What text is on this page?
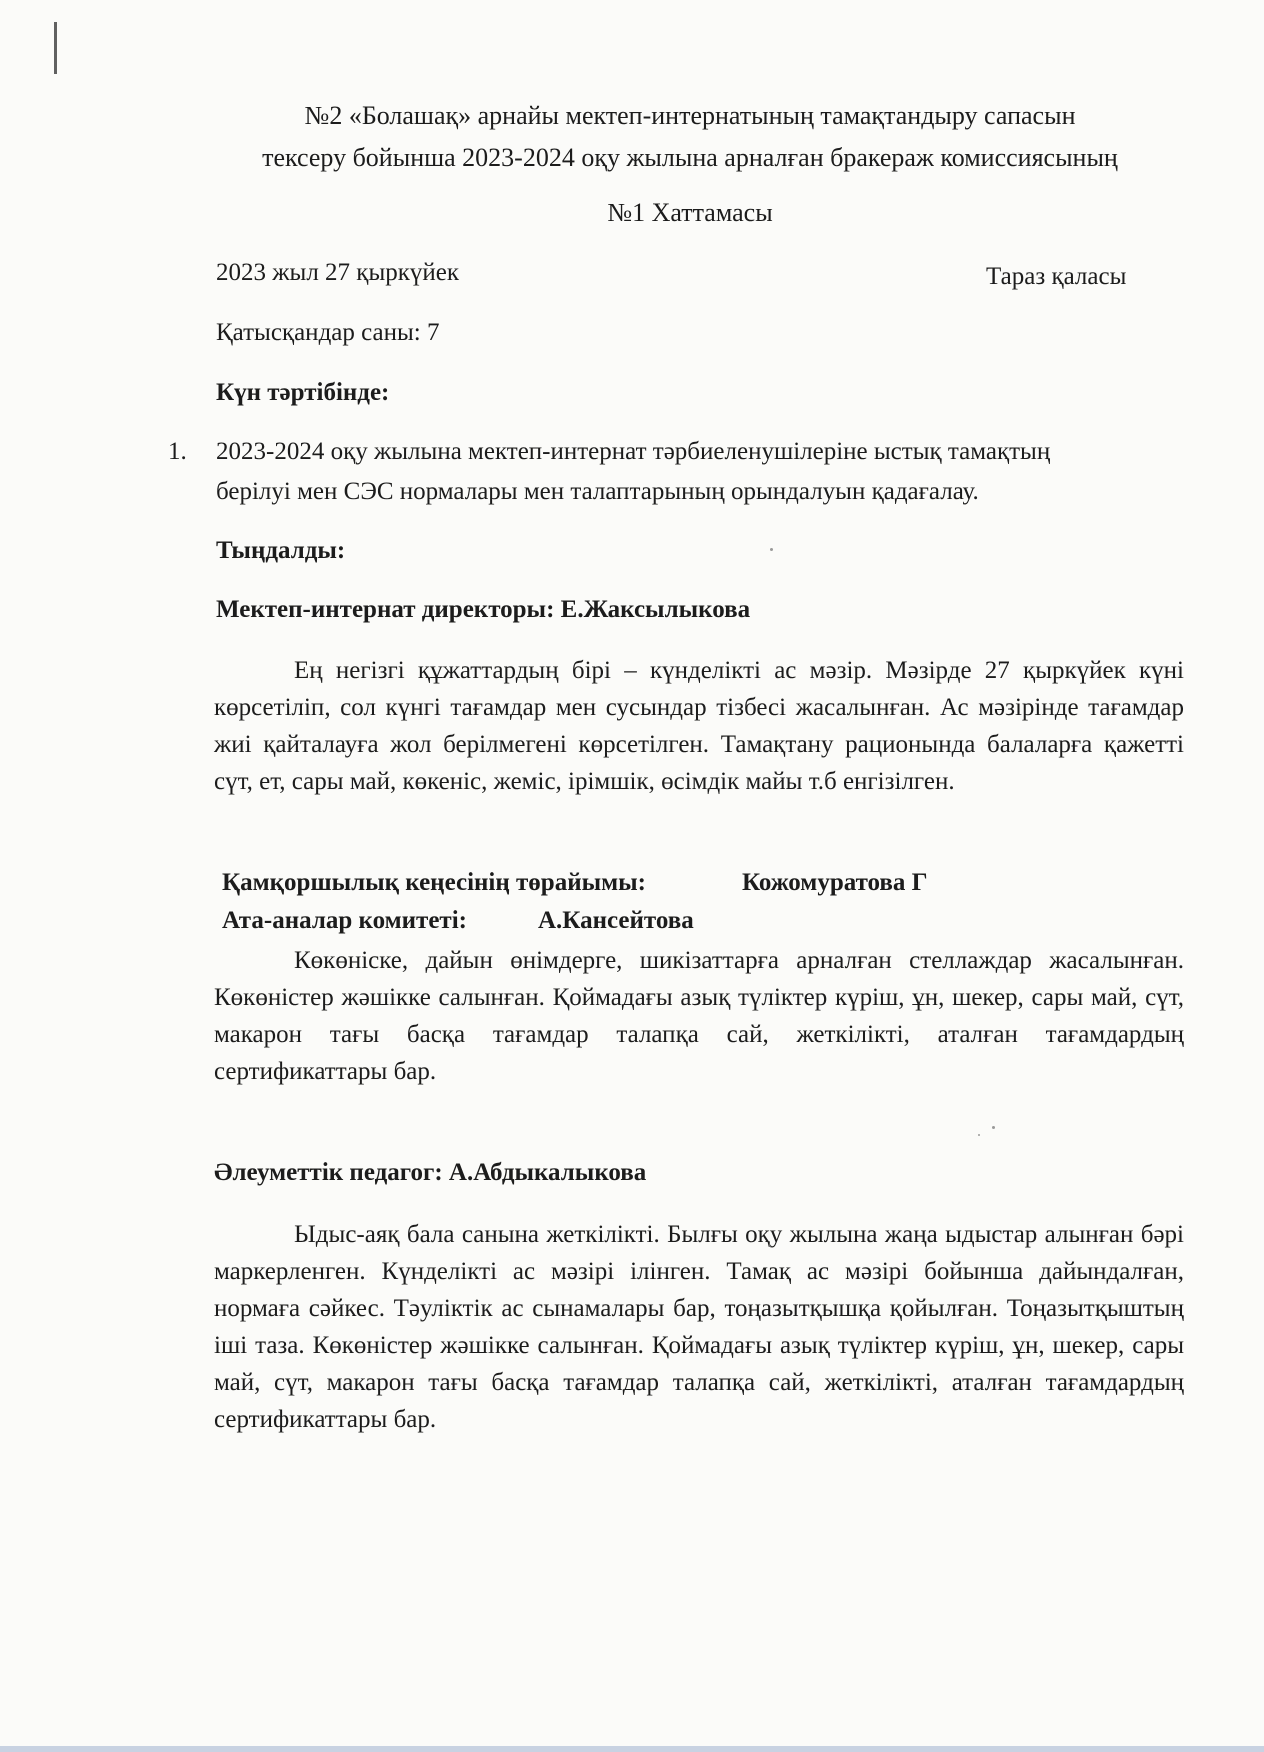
№2 «Болашақ» арнайы мектеп-интернатының тамақтандыру сапасын
тексеру бойынша 2023-2024 оқу жылына арналған бракераж комиссиясының
№1 Хаттамасы
2023 жыл 27 қыркүйек	Тараз қаласы
Қатысқандар саны: 7
Күн тәртібінде:
1. 2023-2024 оқу жылына мектеп-интернат тәрбиеленушілеріне ыстық тамақтың
берілуі мен СЭС нормалары мен талаптарының орындалуын қадағалау.
Тыңдалды:
Мектеп-интернат директоры: Е.Жаксылыкова
Ең негізгі құжаттардың бірі – күнделікті ас мәзір. Мәзірде 27 қыркүйек күні көрсетіліп, сол күнгі тағамдар мен сусындар тізбесі жасалынған. Ас мәзірінде тағамдар жиі қайталауға жол берілмегені көрсетілген. Тамақтану рационында балаларға қажетті сүт, ет, сары май, көкеніс, жеміс, ірімшік, өсімдік майы т.б енгізілген.
Қамқоршылық кеңесінің төрайымы:	Кожомуратова Г
Ата-аналар комитеті:	А.Кансейтова
Көкөніске, дайын өнімдерге, шикізаттарға арналған стеллаждар жасалынған. Көкөністер жәшікке салынған. Қоймадағы азық түліктер күріш, ұн, шекер, сары май, сүт, макарон тағы басқа тағамдар талапқа сай, жеткілікті, аталған тағамдардың сертификаттары бар.
Әлеуметтік педагог: А.Абдыкалыкова
Ыдыс-аяқ бала санына жеткілікті. Былғы оқу жылына жаңа ыдыстар алынған бәрі маркерленген. Күнделікті ас мәзірі ілінген. Тамақ ас мәзірі бойынша дайындалған, нормаға сәйкес. Тәуліктік ас сынамалары бар, тоңазытқышқа қойылған. Тоңазытқыштың іші таза. Көкөністер жәшікке салынған. Қоймадағы азық түліктер күріш, ұн, шекер, сары май, сүт, макарон тағы басқа тағамдар талапқа сай, жеткілікті, аталған тағамдардың сертификаттары бар.
